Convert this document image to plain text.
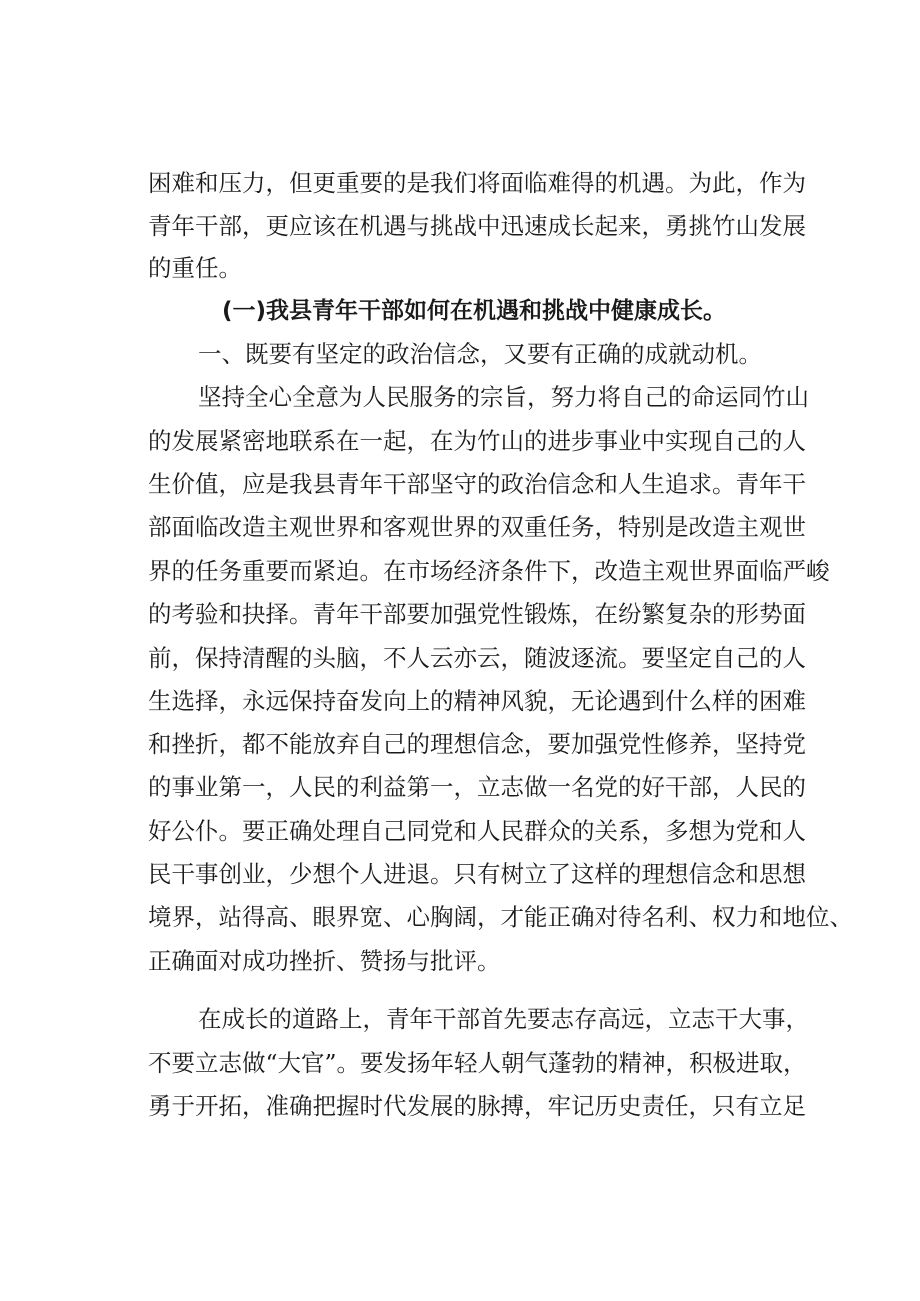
困难和压力，但更重要的是我们将面临难得的机遇。为此，作为
青年干部，更应该在机遇与挑战中迅速成长起来，勇挑竹山发展
的重任。
(一)我县青年干部如何在机遇和挑战中健康成长。
一、既要有坚定的政治信念，又要有正确的成就动机。
坚持全心全意为人民服务的宗旨，努力将自己的命运同竹山
的发展紧密地联系在一起，在为竹山的进步事业中实现自己的人
生价值，应是我县青年干部坚守的政治信念和人生追求。青年干
部面临改造主观世界和客观世界的双重任务，特别是改造主观世
界的任务重要而紧迫。在市场经济条件下，改造主观世界面临严峻
的考验和抉择。青年干部要加强党性锻炼，在纷繁复杂的形势面
前，保持清醒的头脑，不人云亦云，随波逐流。要坚定自己的人
生选择，永远保持奋发向上的精神风貌，无论遇到什么样的困难
和挫折，都不能放弃自己的理想信念，要加强党性修养，坚持党
的事业第一，人民的利益第一，立志做一名党的好干部，人民的
好公仆。要正确处理自己同党和人民群众的关系，多想为党和人
民干事创业，少想个人进退。只有树立了这样的理想信念和思想
境界，站得高、眼界宽、心胸阔，才能正确对待名利、权力和地位、
正确面对成功挫折、赞扬与批评。
在成长的道路上，青年干部首先要志存高远，立志干大事，
不要立志做“大官”。要发扬年轻人朝气蓬勃的精神，积极进取，
勇于开拓，准确把握时代发展的脉搏，牢记历史责任，只有立足
